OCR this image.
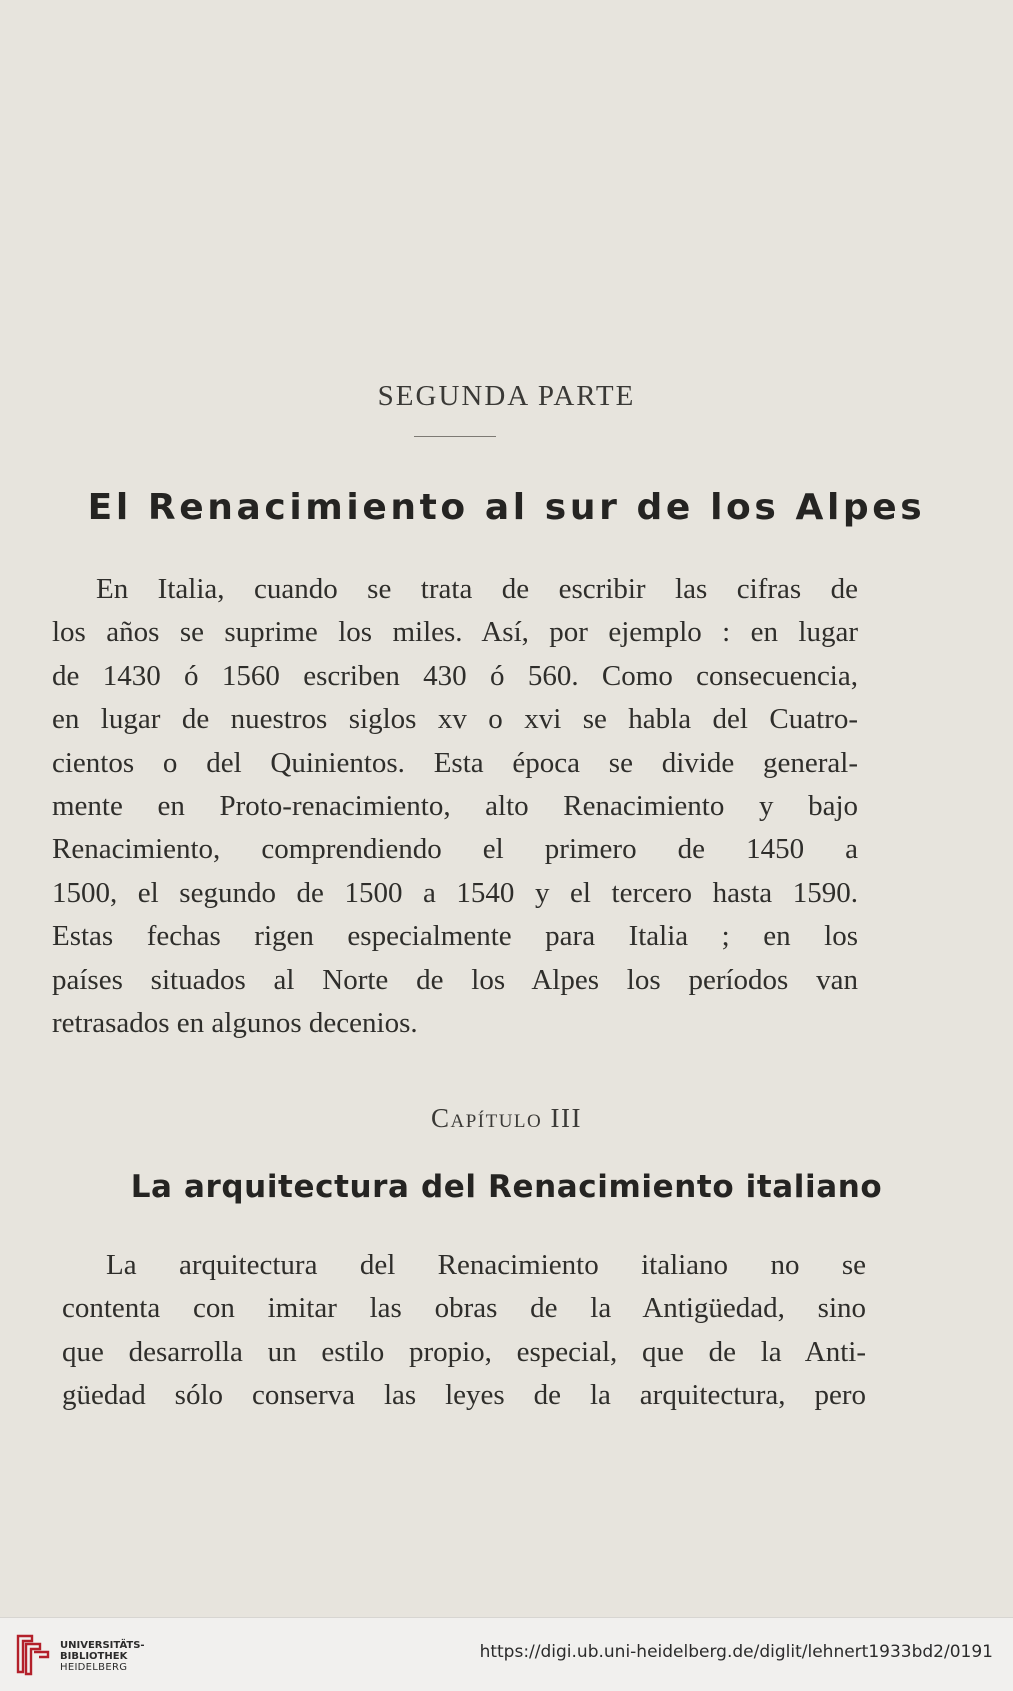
SEGUNDA PARTE
El Renacimiento al sur de los Alpes
En Italia, cuando se trata de escribir las cifras de
los años se suprime los miles. Así, por ejemplo : en lugar
de 1430 ó 1560 escriben 430 ó 560. Como consecuencia,
en lugar de nuestros siglos xv o xvi se habla del Cuatro-
cientos o del Quinientos. Esta época se divide general-
mente en Proto-renacimiento, alto Renacimiento y bajo
Renacimiento, comprendiendo el primero de 1450 a
1500, el segundo de 1500 a 1540 y el tercero hasta 1590.
Estas fechas rigen especialmente para Italia ; en los
países situados al Norte de los Alpes los períodos van
retrasados en algunos decenios.
Capítulo III
La arquitectura del Renacimiento italiano
La arquitectura del Renacimiento italiano no se
contenta con imitar las obras de la Antigüedad, sino
que desarrolla un estilo propio, especial, que de la Anti-
güedad sólo conserva las leyes de la arquitectura, pero
UNIVERSITÄTS-
BIBLIOTHEK
HEIDELBERG
https://digi.ub.uni-heidelberg.de/diglit/lehnert1933bd2/0191
